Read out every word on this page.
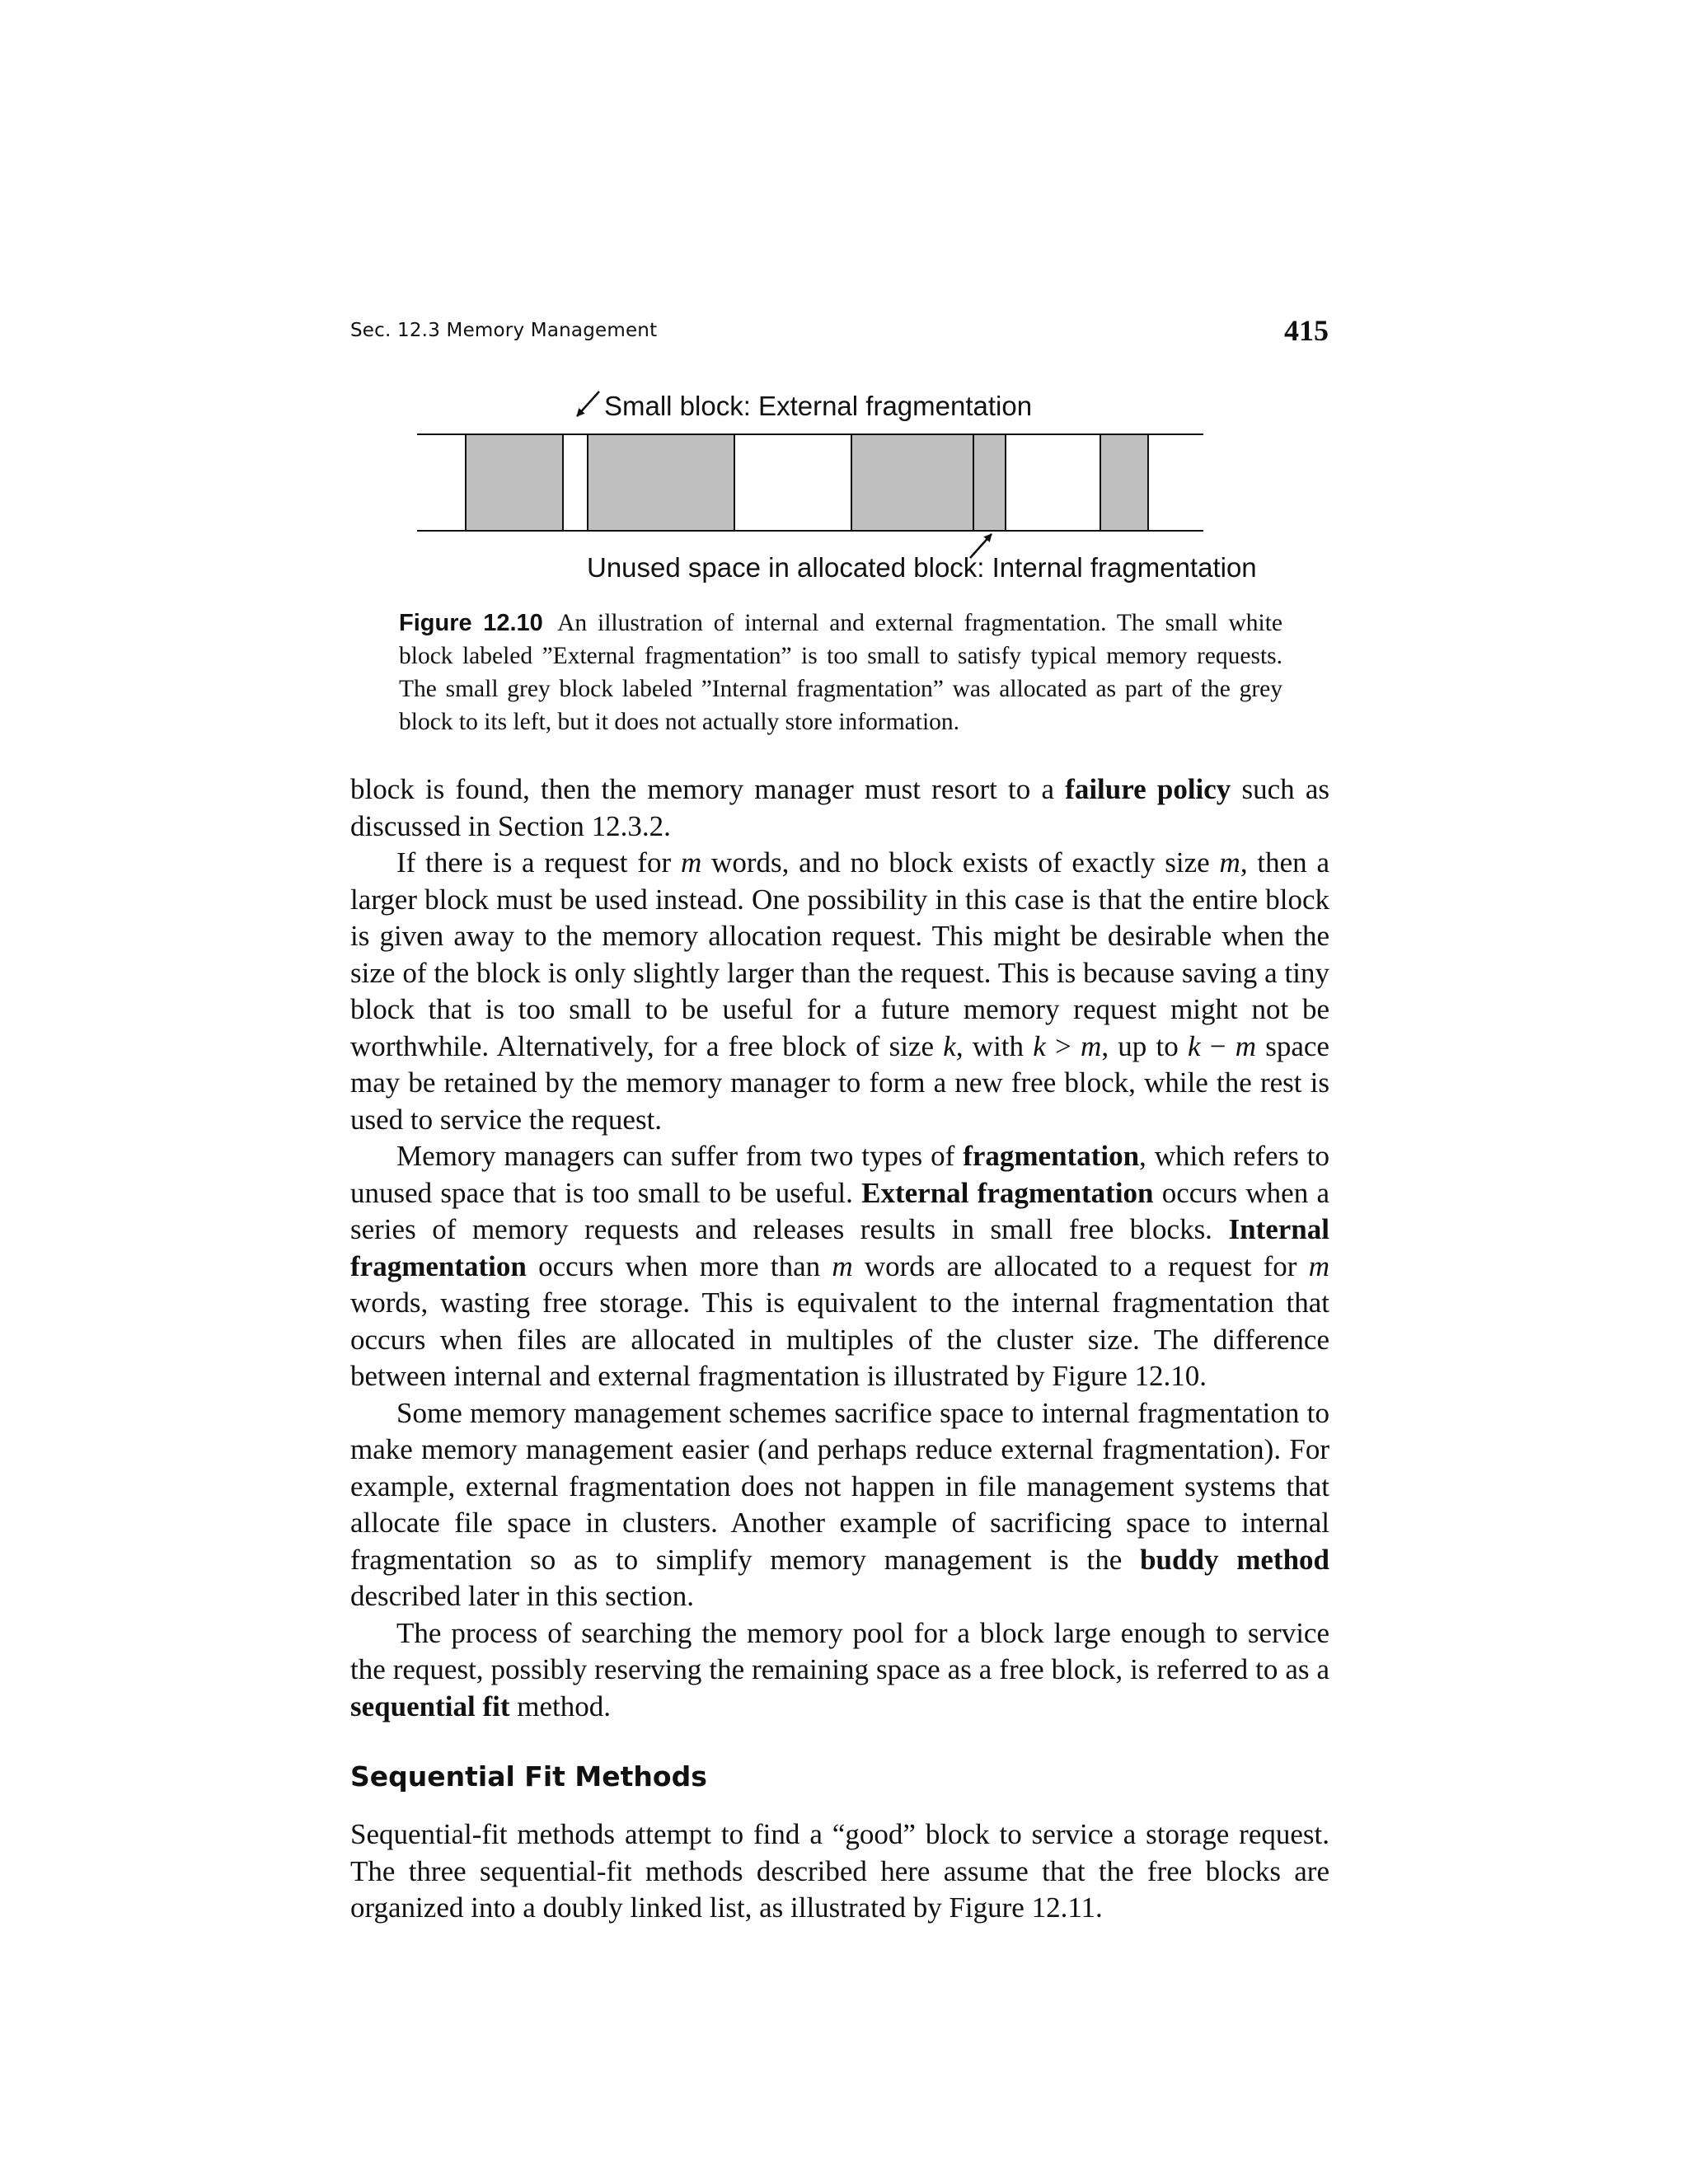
Sec. 12.3 Memory Management	415
Small block: External fragmentation
Unused space in allocated block: Internal fragmentation
Figure 12.10 An illustration of internal and external fragmentation. The small white block labeled ”External fragmentation” is too small to satisfy typical memory requests. The small grey block labeled ”Internal fragmentation” was allocated as part of the grey block to its left, but it does not actually store information.

block is found, then the memory manager must resort to a failure policy such as discussed in Section 12.3.2.

If there is a request for m words, and no block exists of exactly size m, then a larger block must be used instead. One possibility in this case is that the entire block is given away to the memory allocation request. This might be desirable when the size of the block is only slightly larger than the request. This is because saving a tiny block that is too small to be useful for a future memory request might not be worthwhile. Alternatively, for a free block of size k, with k > m, up to k − m space may be retained by the memory manager to form a new free block, while the rest is used to service the request.

Memory managers can suffer from two types of fragmentation, which refers to unused space that is too small to be useful. External fragmentation occurs when a series of memory requests and releases results in small free blocks. Internal fragmentation occurs when more than m words are allocated to a request for m words, wasting free storage. This is equivalent to the internal fragmentation that occurs when files are allocated in multiples of the cluster size. The difference between internal and external fragmentation is illustrated by Figure 12.10.

Some memory management schemes sacrifice space to internal fragmentation to make memory management easier (and perhaps reduce external fragmentation). For example, external fragmentation does not happen in file management systems that allocate file space in clusters. Another example of sacrificing space to internal fragmentation so as to simplify memory management is the buddy method described later in this section.

The process of searching the memory pool for a block large enough to service the request, possibly reserving the remaining space as a free block, is referred to as a sequential fit method.

Sequential Fit Methods

Sequential-fit methods attempt to find a “good” block to service a storage request. The three sequential-fit methods described here assume that the free blocks are organized into a doubly linked list, as illustrated by Figure 12.11.
